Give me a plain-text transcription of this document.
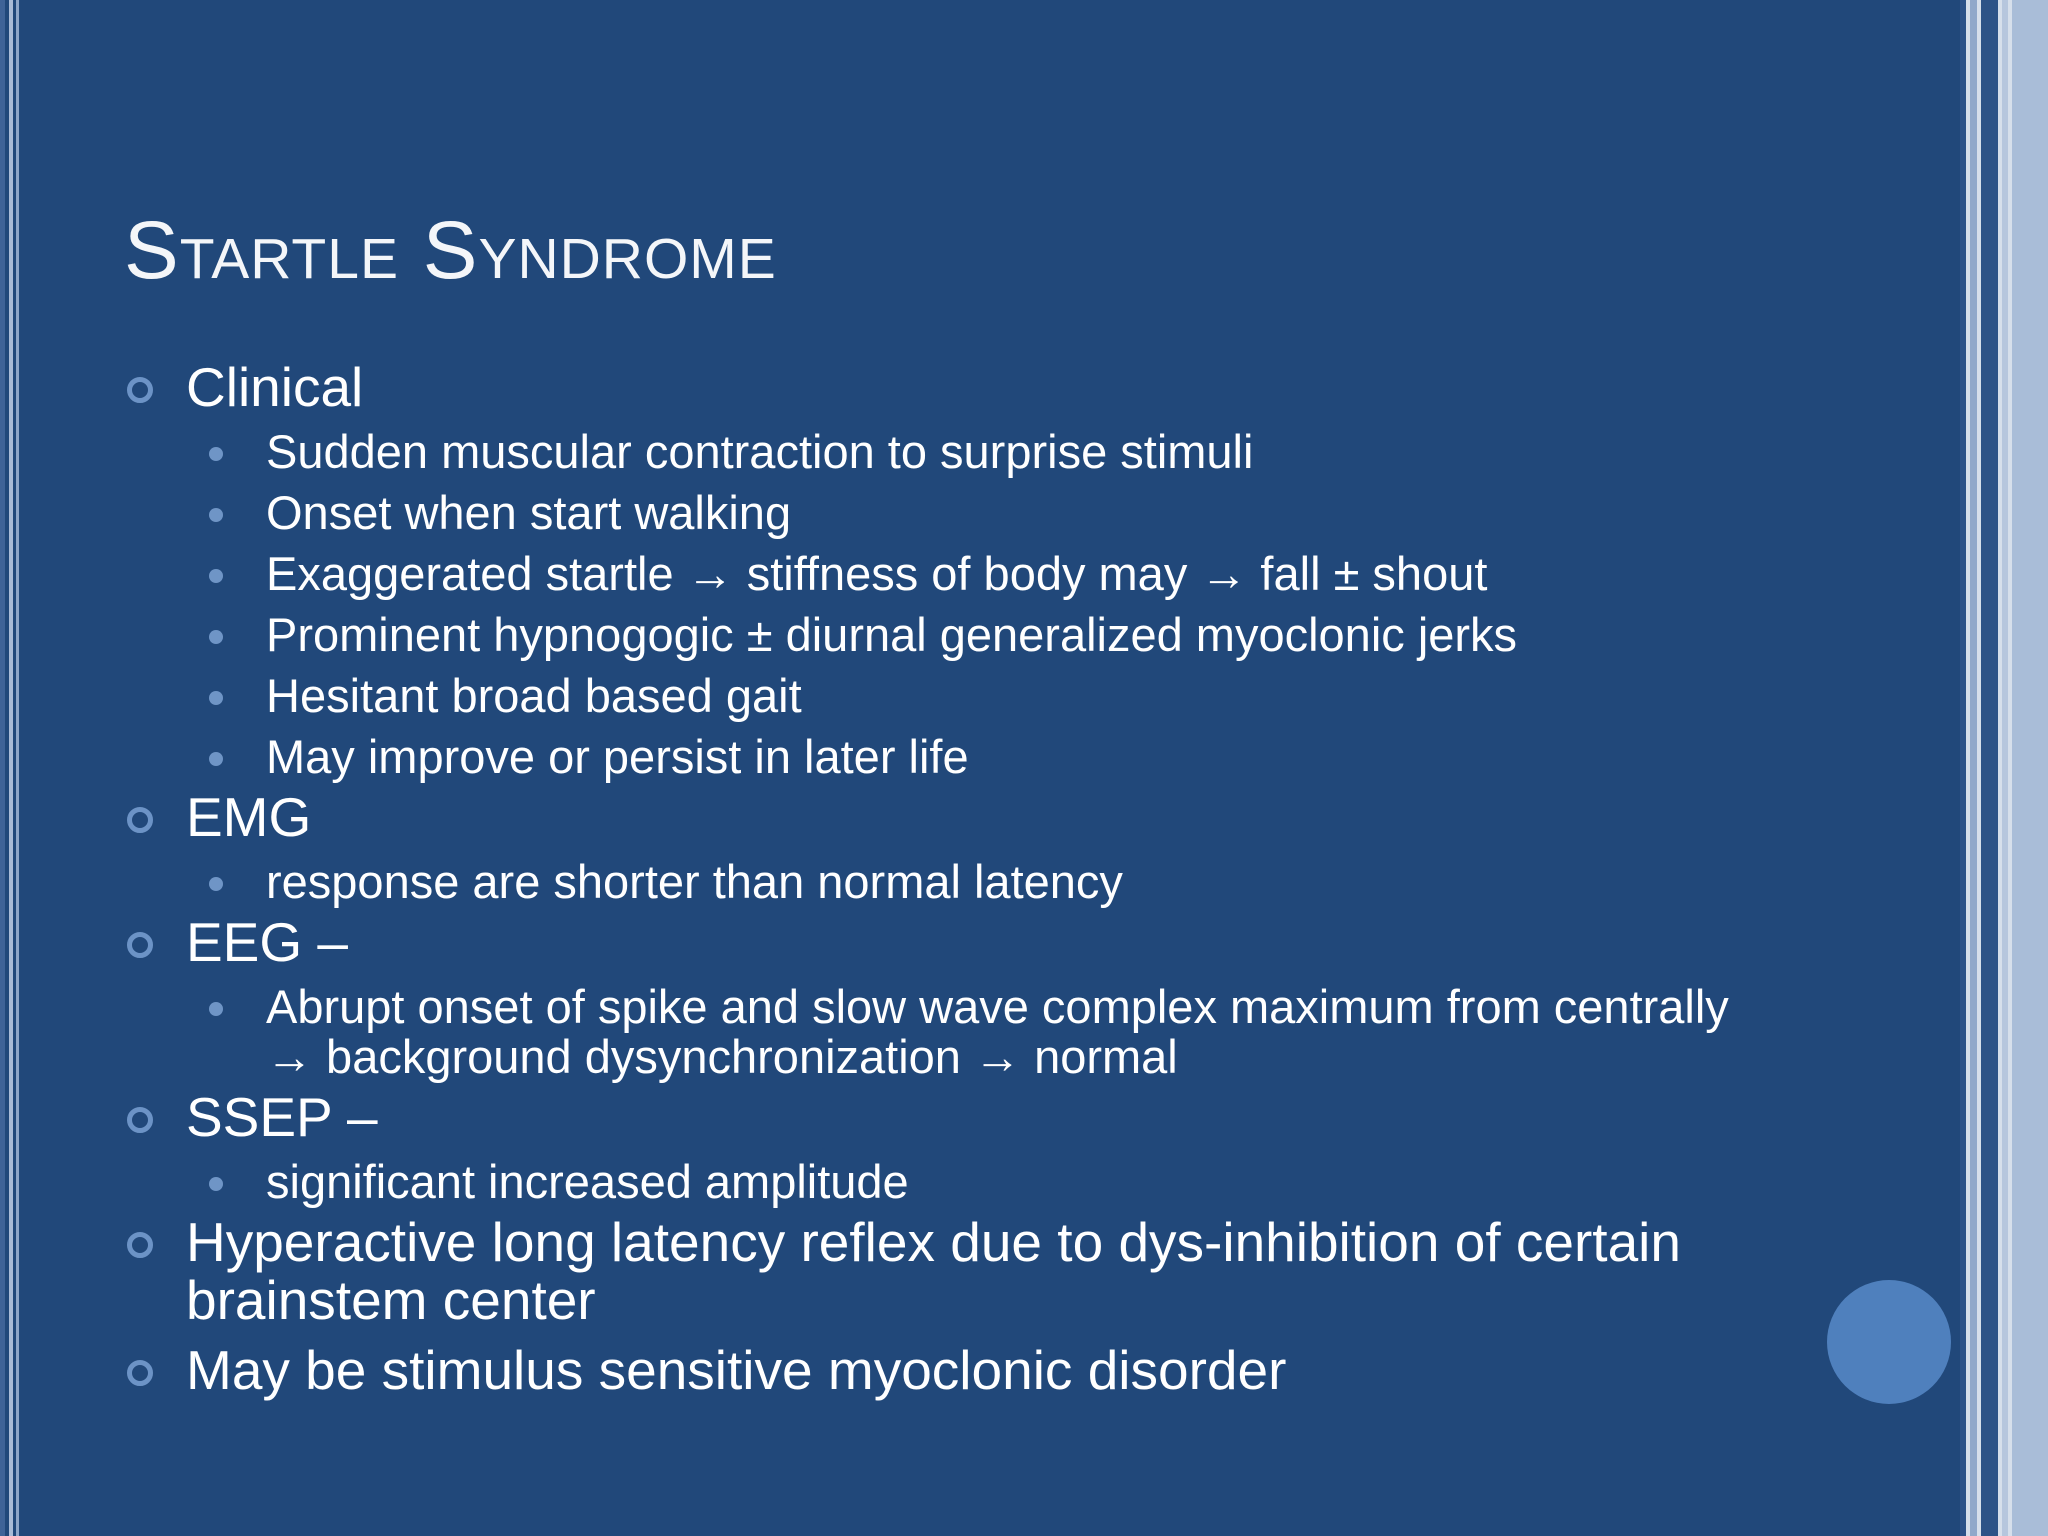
Startle Syndrome
Clinical
Sudden muscular contraction to surprise stimuli
Onset when start walking
Exaggerated startle → stiffness of body may → fall ± shout
Prominent hypnogogic ± diurnal generalized myoclonic jerks
Hesitant broad based gait
May improve or persist in later life
EMG
response are shorter than normal latency
EEG –
Abrupt onset of spike and slow wave complex maximum from centrally → background dysynchronization → normal
SSEP –
significant increased amplitude
Hyperactive long latency reflex due to dys-inhibition of certain brainstem center
May be stimulus sensitive myoclonic disorder
